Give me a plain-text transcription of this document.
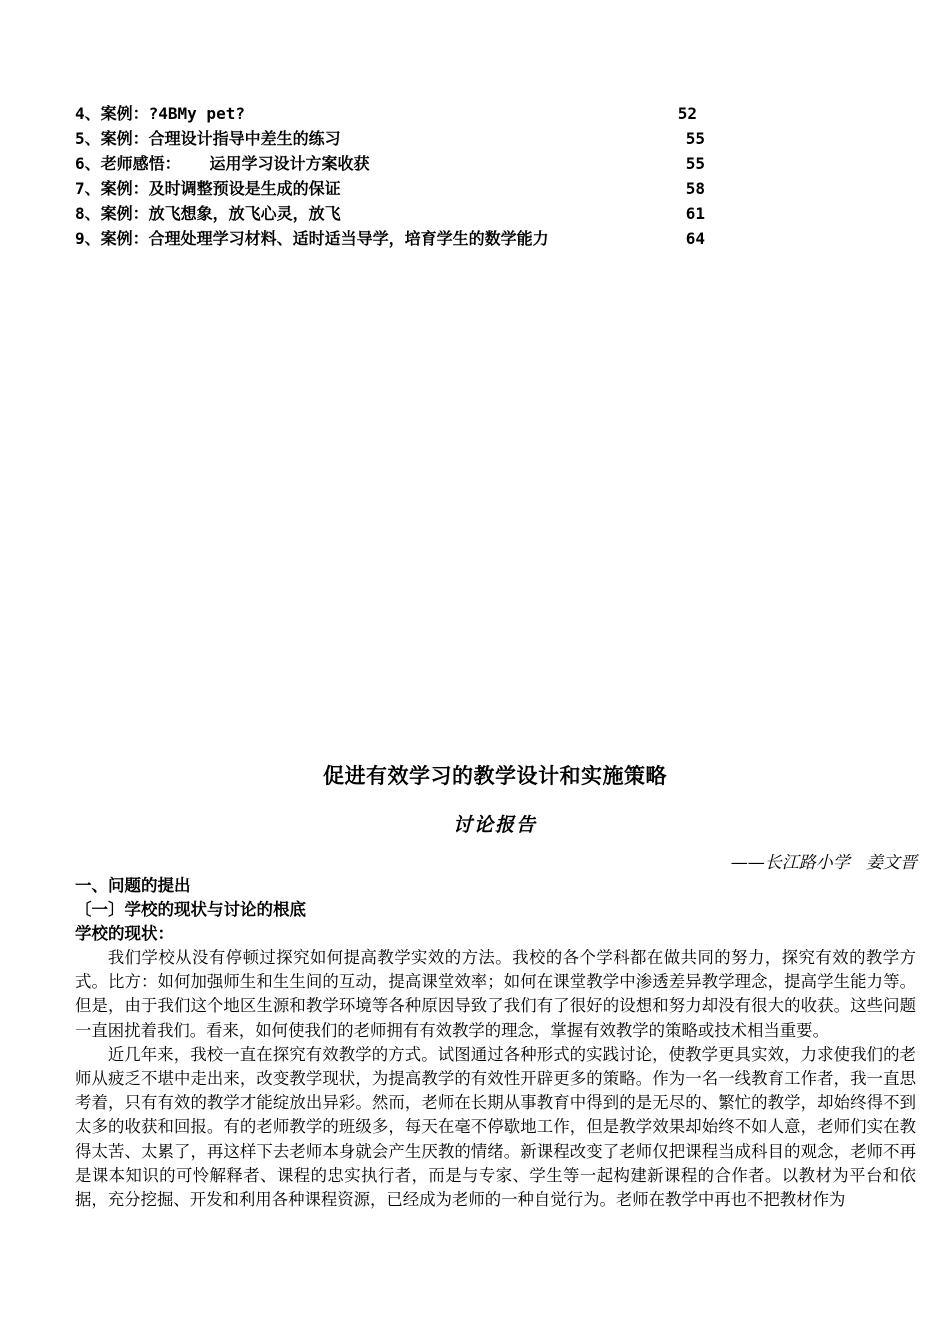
4、案例：?4BMy pet?	52
5、案例：合理设计指导中差生的练习	55
6、老师感悟：   运用学习设计方案收获	55
7、案例：及时调整预设是生成的保证	58
8、案例：放飞想象，放飞心灵，放飞	61
9、案例：合理处理学习材料、适时适当导学，培育学生的数学能力	64
促进有效学习的教学设计和实施策略
讨论报告
——长江路小学   姜文晋
一、问题的提出
〔一〕学校的现状与讨论的根底
学校的现状：

我们学校从没有停顿过探究如何提高教学实效的方法。我校的各个学科都在做共同的努力，探究有效的教学方式。比方：如何加强师生和生生间的互动，提高课堂效率；如何在课堂教学中渗透差异教学理念，提高学生能力等。但是，由于我们这个地区生源和教学环境等各种原因导致了我们有了很好的设想和努力却没有很大的收获。这些问题一直困扰着我们。看来，如何使我们的老师拥有有效教学的理念，掌握有效教学的策略或技术相当重要。

近几年来，我校一直在探究有效教学的方式。试图通过各种形式的实践讨论，使教学更具实效，力求使我们的老师从疲乏不堪中走出来，改变教学现状，为提高教学的有效性开辟更多的策略。作为一名一线教育工作者，我一直思考着，只有有效的教学才能绽放出异彩。然而，老师在长期从事教育中得到的是无尽的、繁忙的教学，却始终得不到太多的收获和回报。有的老师教学的班级多，每天在毫不停歇地工作，但是教学效果却始终不如人意，老师们实在教得太苦、太累了，再这样下去老师本身就会产生厌教的情绪。新课程改变了老师仅把课程当成科目的观念，老师不再是课本知识的可怜解释者、课程的忠实执行者，而是与专家、学生等一起构建新课程的合作者。以教材为平台和依据，充分挖掘、开发和利用各种课程资源，已经成为老师的一种自觉行为。老师在教学中再也不把教材作为
